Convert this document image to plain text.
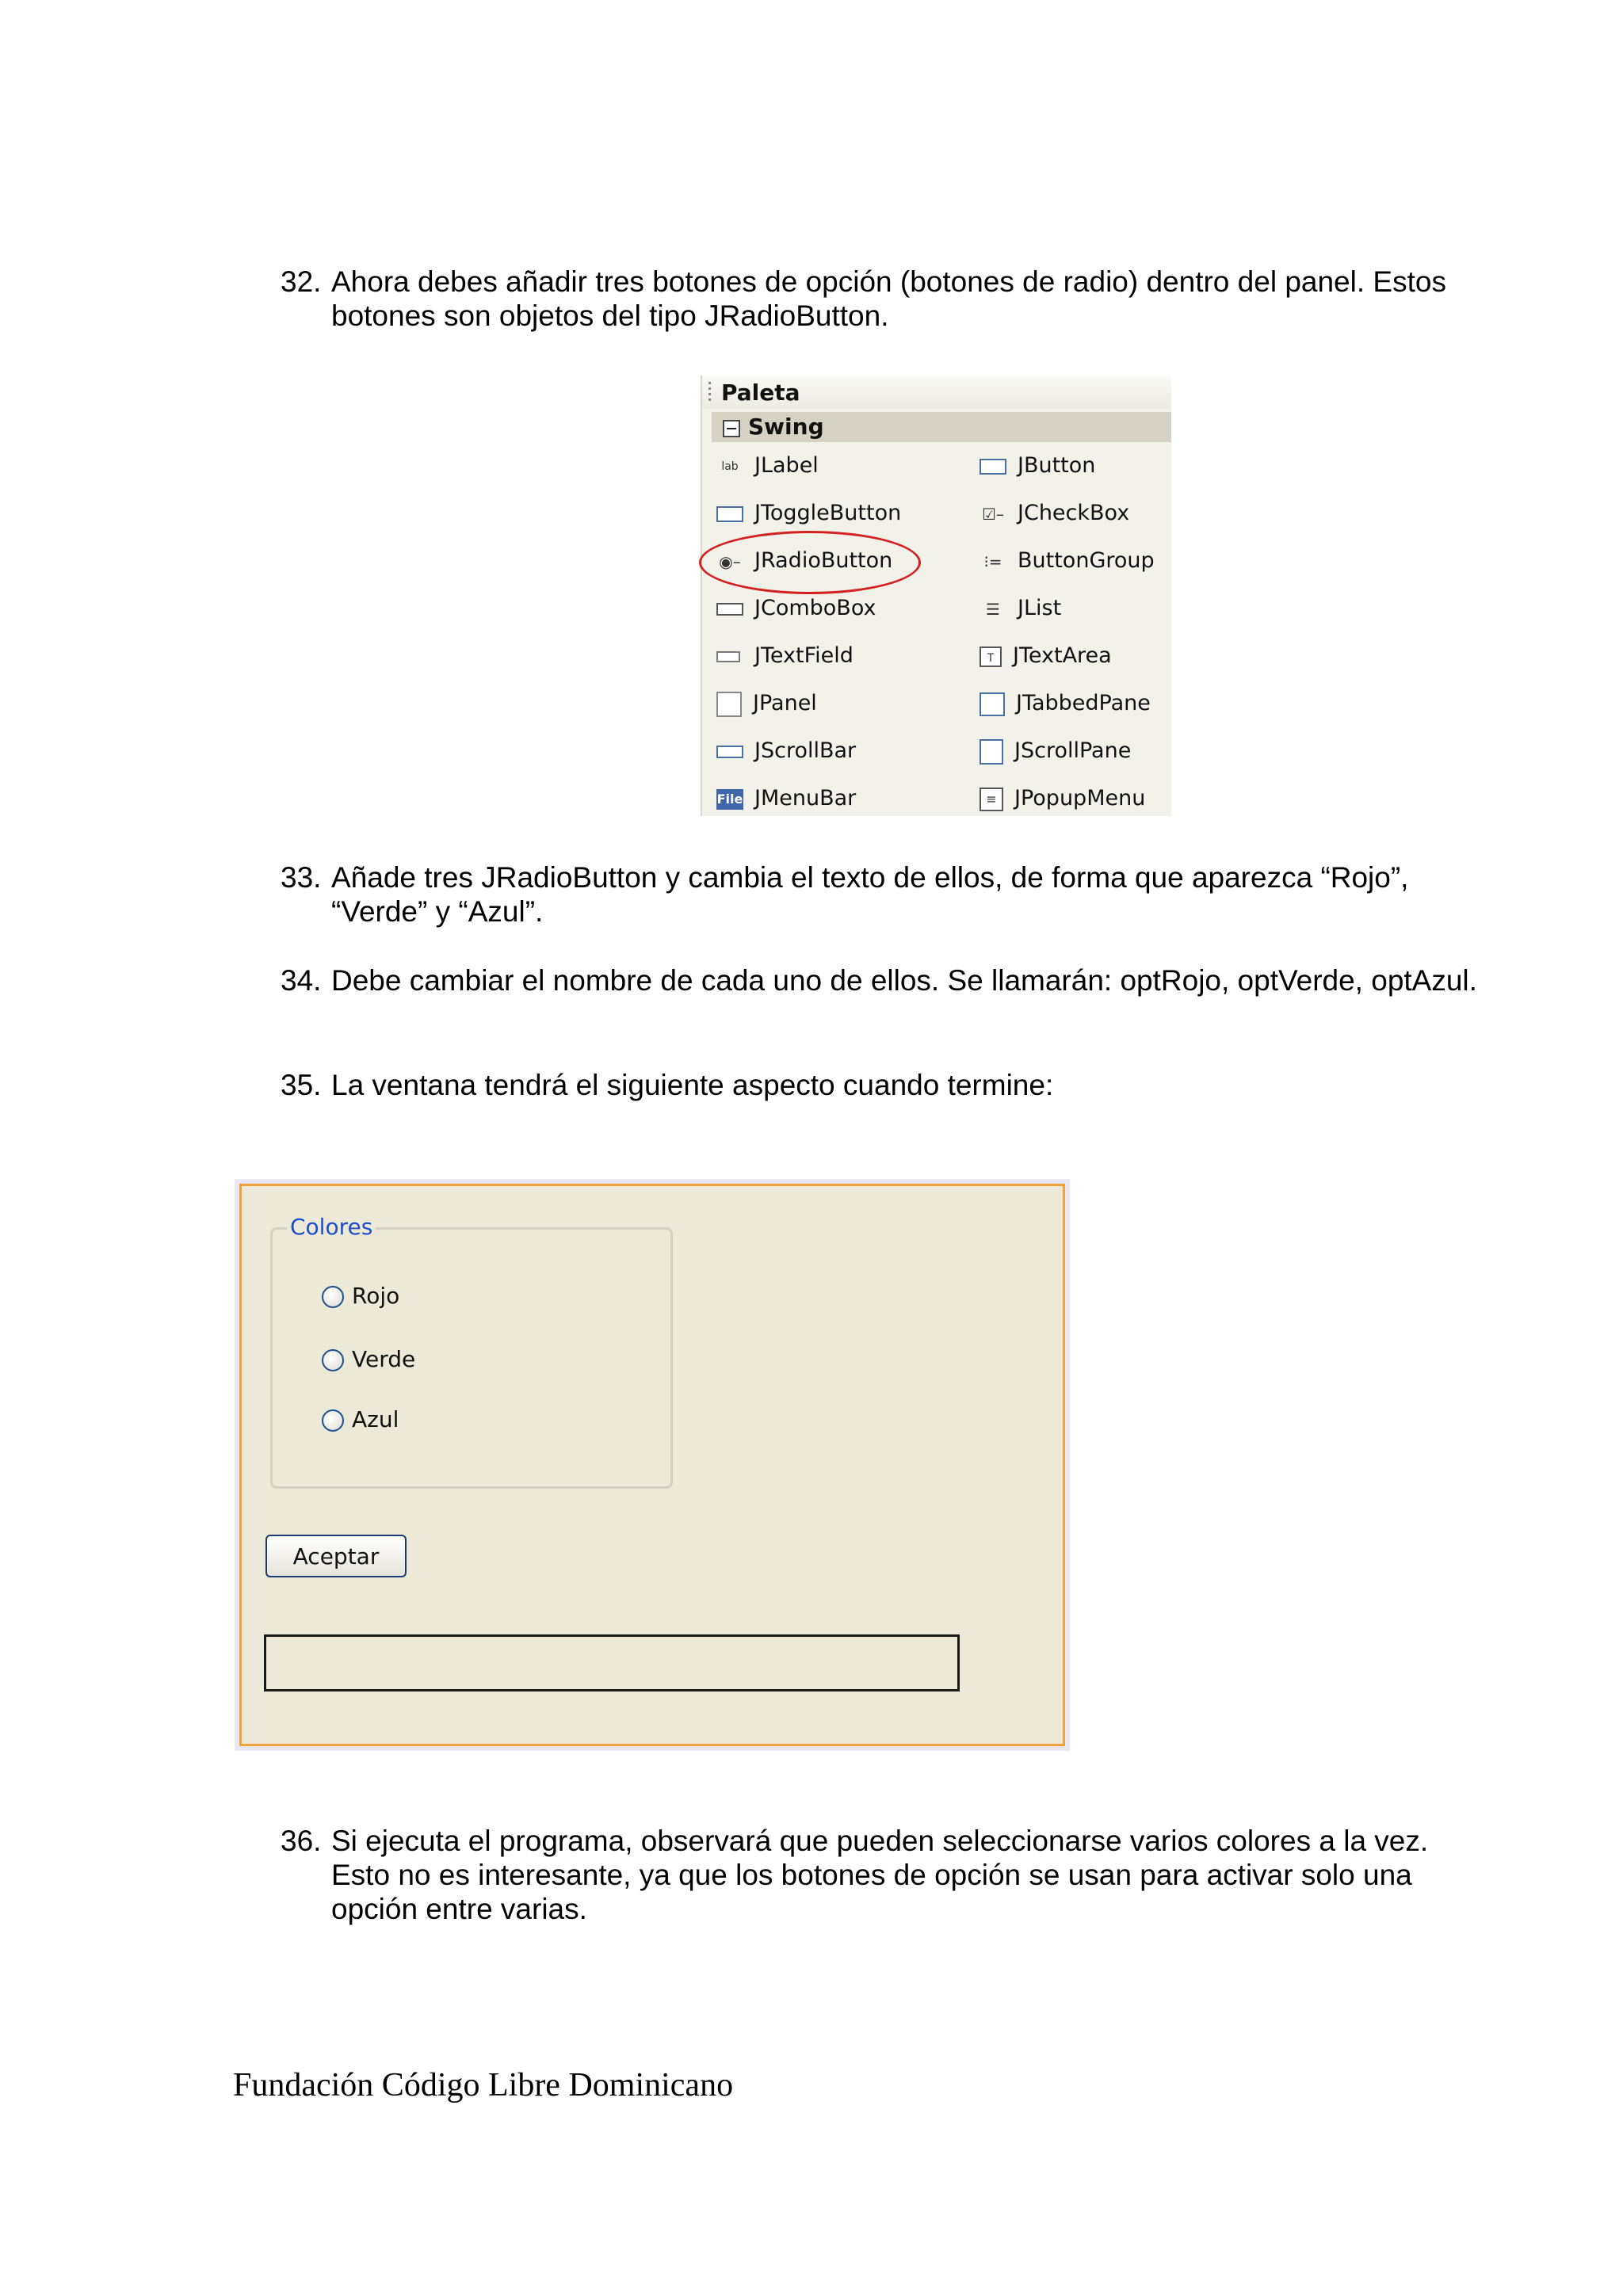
32. Ahora debes añadir tres botones de opción (botones de radio) dentro del panel. Estos botones son objetos del tipo JRadioButton.
Paleta
Swing
lab JLabel	JButton
JToggleButton	☑– JCheckBox
◉– JRadioButton	⁝= ButtonGroup
JComboBox	☰ JList
JTextField	T JTextArea
JPanel	JTabbedPane
JScrollBar	JScrollPane
File JMenuBar	≡ JPopupMenu
33. Añade tres JRadioButton y cambia el texto de ellos, de forma que aparezca “Rojo”, “Verde” y “Azul”.
34. Debe cambiar el nombre de cada uno de ellos. Se llamarán: optRojo, optVerde, optAzul.
35. La ventana tendrá el siguiente aspecto cuando termine:
Colores
Rojo
Verde
Azul
Aceptar
36. Si ejecuta el programa, observará que pueden seleccionarse varios colores a la vez. Esto no es interesante, ya que los botones de opción se usan para activar solo una opción entre varias.
Fundación Código Libre Dominicano
